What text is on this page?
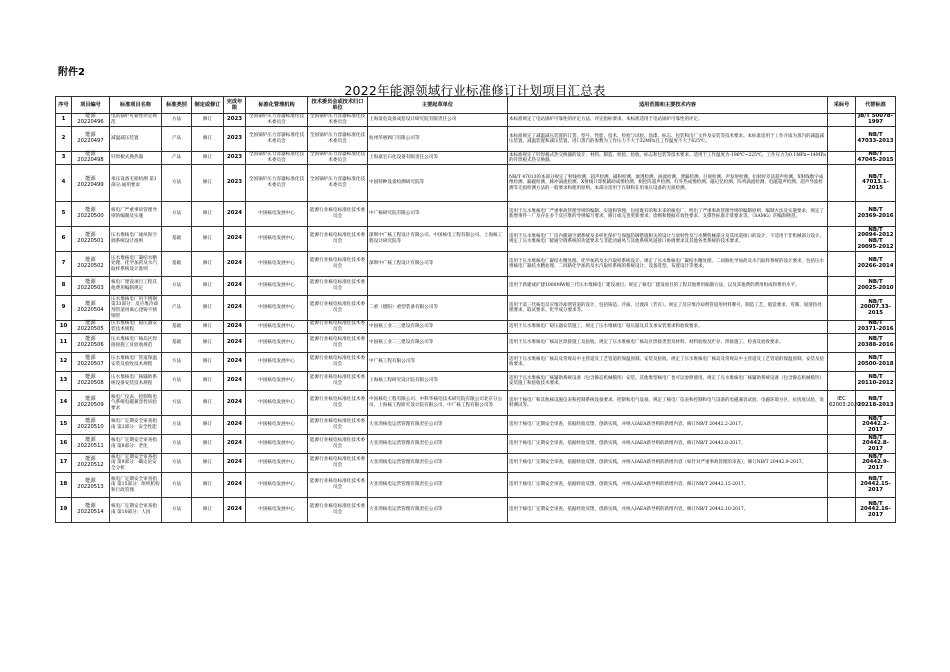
附件2
2022年能源领域行业标准修订计划项目汇总表
序号	项目编号	标准项目名称	标准类别	制定或修订	完成年限	标准化管理机构	技术委员会或技术归口单位	主要起草单位	适用范围和主要技术内容	采标号	代替标准
1	能源 20220496	电站锅炉可靠性评定规范	方法	修订	2023	全国锅炉压力容器标准化技术委员会	全国锅炉压力容器标准化技术委员会	上海发电设备成套设计研究院有限责任公司	本标准规定了电站锅炉可靠性的评定方法、评定指标要求。本标准适用于电站锅炉可靠性的评定。		JB/T 50078-1997
2	能源 20220497	减温减压装置	产品	修订	2023	全国锅炉压力容器标准化技术委员会	全国锅炉压力容器标准化技术委员会	杭州华惠阀门有限公司等	本标准规定了减温减压装置的订货、型号、性能、技术、检验与试验、涂漆、标志、包装和出厂文件及安装等技术要求。本标准适用于工作介质为蒸汽的减温减压装置、减温装置和减压装置，进口蒸汽的参数为工作压力不大于32MPa且工作温度不大于625℃。		NB/T 47033-2013
3	能源 20220498	钎焊板式换热器	产品	修订	2023	全国锅炉压力容器标准化技术委员会	全国锅炉压力容器标准化技术委员会	上海嘉宏石化设备有限责任公司等	本标准规定了钎焊板式热交换器的设计、材料、制造、检验、验收、标志和包装等技术要求。适用于工作温度为-196℃~225℃，工作压力为0.1MPa~14MPa的钎焊板式热交换器。		NB/T 47045-2015
4	能源 20220499	承压设备无损检测 第1部分:通用要求	方法	修订	2023	全国锅炉压力容器标准化技术委员会	全国锅炉压力容器标准化技术委员会	中国特种设备检测研究院等	NB/T 47013的本部分规定了射线检测、超声检测、磁粉检测、渗透检测、涡流检测、泄漏检测、目视检测、声发射检测、衍射时差法超声检测、X射线数字成像检测、漏磁检测、脉冲涡流检测、X射线计算机辅助成像检测、相控阵超声检测、红外热成像检测、磁记忆检测、阵列涡流检测、电磁超声检测、超声导波检测等无损检测方法的一般要求和使用原则。本部分适用于在制和在用承压设备的无损检测。		NB/T 47013.1-2015
5	能源 20220500	核电厂严重事故管理导则的编制及实施	方法	修订	2024	中国核电发展中心	能源行业核电标准化技术委员会	中广核研究院有限公司等	适用于压水堆核电厂严重事故管理导则的编制、实施和管理，包括既有的和未来的核电厂。给出了严重事故管理导则的编制原则、编制方法及实施要求，规定了新增事件一厂及存在多个反应堆的导则编写要求，修订或完善更新要求、诊断和数据有效性要求、支撑性标准计算要求等。（SAMG）的编制规范。		NB/T 20369-2016
6	能源 20220501	压水堆核电厂通风和空调系统设计准则	基础	修订	2024	中国核电发展中心	能源行业核电标准化技术委员会	深圳中广核工程设计有限公司、中国核电工程有限公司、上海核工程设计研究院等	适用于压水堆核电厂厂房内暖通空调系统及多样化保护与保温防御措施相关的设计与放射性及与水侧机械部分及其风道接口的设计，不适用于非机械部分设计。规定了压水堆核电厂暖通空调系统的功能要求与非能动通风与其他系统风道接口协调要求及其他各类系统的技术要求。		NB/T 20094-2012 NB/T 20095-2012
7	能源 20220502	压水堆核电厂凝结水精处理、化学加药及水汽取样系统设计准则	基础	修订	2024	中国核电发展中心	能源行业核电标准化技术委员会	深圳中广核工程设计有限公司等	适用于压水堆核电厂凝结水精处理、化学加药及水汽取样系统设计。规定了压水堆核电厂凝结水精处理、二回路化学加药及水汽取样系统的设计要求，包括压水堆核电厂凝结水精处理、二回路化学加药及水汽取样系统的系统设计、设备选型、布置设计等要求。		NB/T 20266-2014
8	能源 20220503	核电厂建设项目工程其他费用编制规定	方法	修订	2024	中国核电发展中心	能源行业核电标准化技术委员会		适用于新建或扩建1000MW级三代压水堆核电厂建设项目。规定了核电厂建设项目的工程其他费用编制方法，以及其他费的费用组成和费用水平。		NB/T 20025-2010
9	能源 20220504	压水堆核电厂用不锈钢 第33部分：反应堆冷却剂管道用离心浇铸不锈钢管	产品	修订	2024	中国核电发展中心	能源行业核电标准化技术委员会	二重（德阳）重型装备有限公司等	适用于第三代核电反应堆冷却剂管道的设计、包括铸造、冷拔、过渡段（若有）。规定了反应堆冷却剂管道用材料牌号、制造工艺、锻造要求、弯制、固溶热处理要求、取试要求、化学成分要求等。		NB/T 20007.33-2015
10	能源 20220505	压水堆核电厂稳压器安装技术规程	基础	修订	2024	中国核电发展中心	能源行业核电标准化技术委员会	中国核工业二三建设有限公司等	适用于压水堆核电厂稳压器安装施工。规定了压水堆核电厂稳压器及其支承安装要求和验收要求。		NB/T 20371-2016
11	能源 20220506	压水堆核电厂核岛区焊接接施工及验收规范	基础	修订	2024	中国核电发展中心	能源行业核电标准化技术委员会	中国核工业二三建设有限公司等	适用于压水堆核电厂核岛区焊接施工及验收。规定了压水堆核电厂核岛区焊接类型及材料、材料验收及贮存、焊接施工、检查及验收要求。		NB/T 20388-2016
12	能源 20220507	压水堆核电厂管道保温安装及验收技术规程	方法	修订	2024	中国核电发展中心	能源行业核电标准化技术委员会	中广核工程有限公司等	适用于压水堆核电厂核岛及常规岛中主管道及工艺管道的保温预制、安装及验收。规定了压水堆核电厂核岛及常规岛中主管道及工艺管道的保温预制、安装及验收要求。		NB/T 20500-2018
13	能源 20220508	压水堆核电厂核辅助系统设备安装技术规程	方法	修订	2024	中国核电发展中心	能源行业核电标准化技术委员会	上海核工程研究设计院有限公司等	适用于压水堆核电厂核辅助系统设备（包含静态机械模块）安装。其他堆型核电厂也可以参照使用。规定了压水堆核电厂核辅助系统设备（包含静态机械模块）安装施工和验收技术要求。		NB/T 20110-2012
14	能源 20220509	核电厂仪表、控制和电气系统电磁兼容性试验要求	方法	修订	2024	中国核电发展中心	能源行业核电标准化技术委员会	中国核电工程有限公司、中科华核电技术研究院有限公司北京分公司、上海核工程研究设计院有限公司、中广核工程有限公司等	适用于核电厂和其他核设施仪表和控制系统设备要求、控制和电气设备。规定了核电厂仪表和控制和电气设备的电磁兼容试验、电磁环境分区、抗扰度试验、发射测试等。	IEC 62003:2020	NB/T 20218-2013
15	能源 20220510	核电厂定期安全审查指南 第2部分：安全性能	方法	修订	2024	中国核电发展中心	能源行业核电标准化技术委员会	大亚湾核电运营管理有限责任公司等	适用于核电厂定期安全审查，依据经验反馈，创新实践，并纳入IAEA新导则的新增内容，修订NB/T 20442.2-2017。		NB/T 20442.2-2017
16	能源 20220511	核电厂定期安全审查指南 第8部分：老化	方法	修订	2024	中国核电发展中心	能源行业核电标准化技术委员会	大亚湾核电运营管理有限责任公司等	适用于核电厂定期安全审查，依据经验反馈，创新实践，并纳入IAEA新导则的新增内容，修订NB/T 20442.8-2017。		NB/T 20442.8-2017
17	能源 20220512	核电厂定期安全审查指南 第9部分：确定论安全分析	方法	修订	2024	中国核电发展中心	能源行业核电标准化技术委员会	大亚湾核电运营管理有限责任公司等	适用于核电厂定期安全审查，依据经验反馈，创新实践，并纳入IAEA新导则的新增内容（如针对严重事故管理的审查），修订NB/T 20442.9-2017。		NB/T 20442.9-2017
18	能源 20220513	核电厂定期安全审查指南 第15部分：组织机构和行政管理	方法	修订	2024	中国核电发展中心	能源行业核电标准化技术委员会	大亚湾核电运营管理有限责任公司等	适用于核电厂定期安全审查，依据经验反馈，创新实践，并纳入IAEA新导则的新增内容，修订NB/T 20442.15-2017。		NB/T 20442.15-2017
19	能源 20220514	核电厂定期安全审查指南 第10部分：人因	方法	修订	2024	中国核电发展中心	能源行业核电标准化技术委员会	大亚湾核电运营管理有限责任公司等	适用于核电厂定期安全审查，依据经验反馈，创新实践，并纳入IAEA新导则的新增内容，修订NB/T 20442.10-2017。		NB/T 20442.16-2017
